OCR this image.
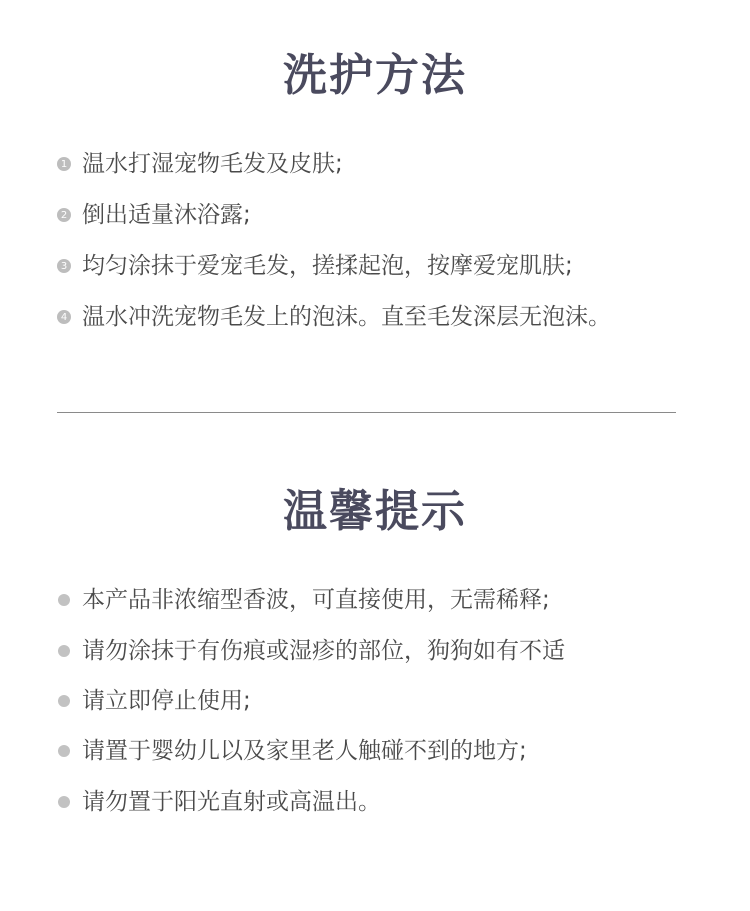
洗护方法
1 温水打湿宠物毛发及皮肤;
2 倒出适量沐浴露;
3 均匀涂抹于爱宠毛发，搓揉起泡，按摩爱宠肌肤;
4 温水冲洗宠物毛发上的泡沫。直至毛发深层无泡沫。
温馨提示
本产品非浓缩型香波，可直接使用，无需稀释;
请勿涂抹于有伤痕或湿疹的部位，狗狗如有不适
请立即停止使用;
请置于婴幼儿以及家里老人触碰不到的地方;
请勿置于阳光直射或高温出。
